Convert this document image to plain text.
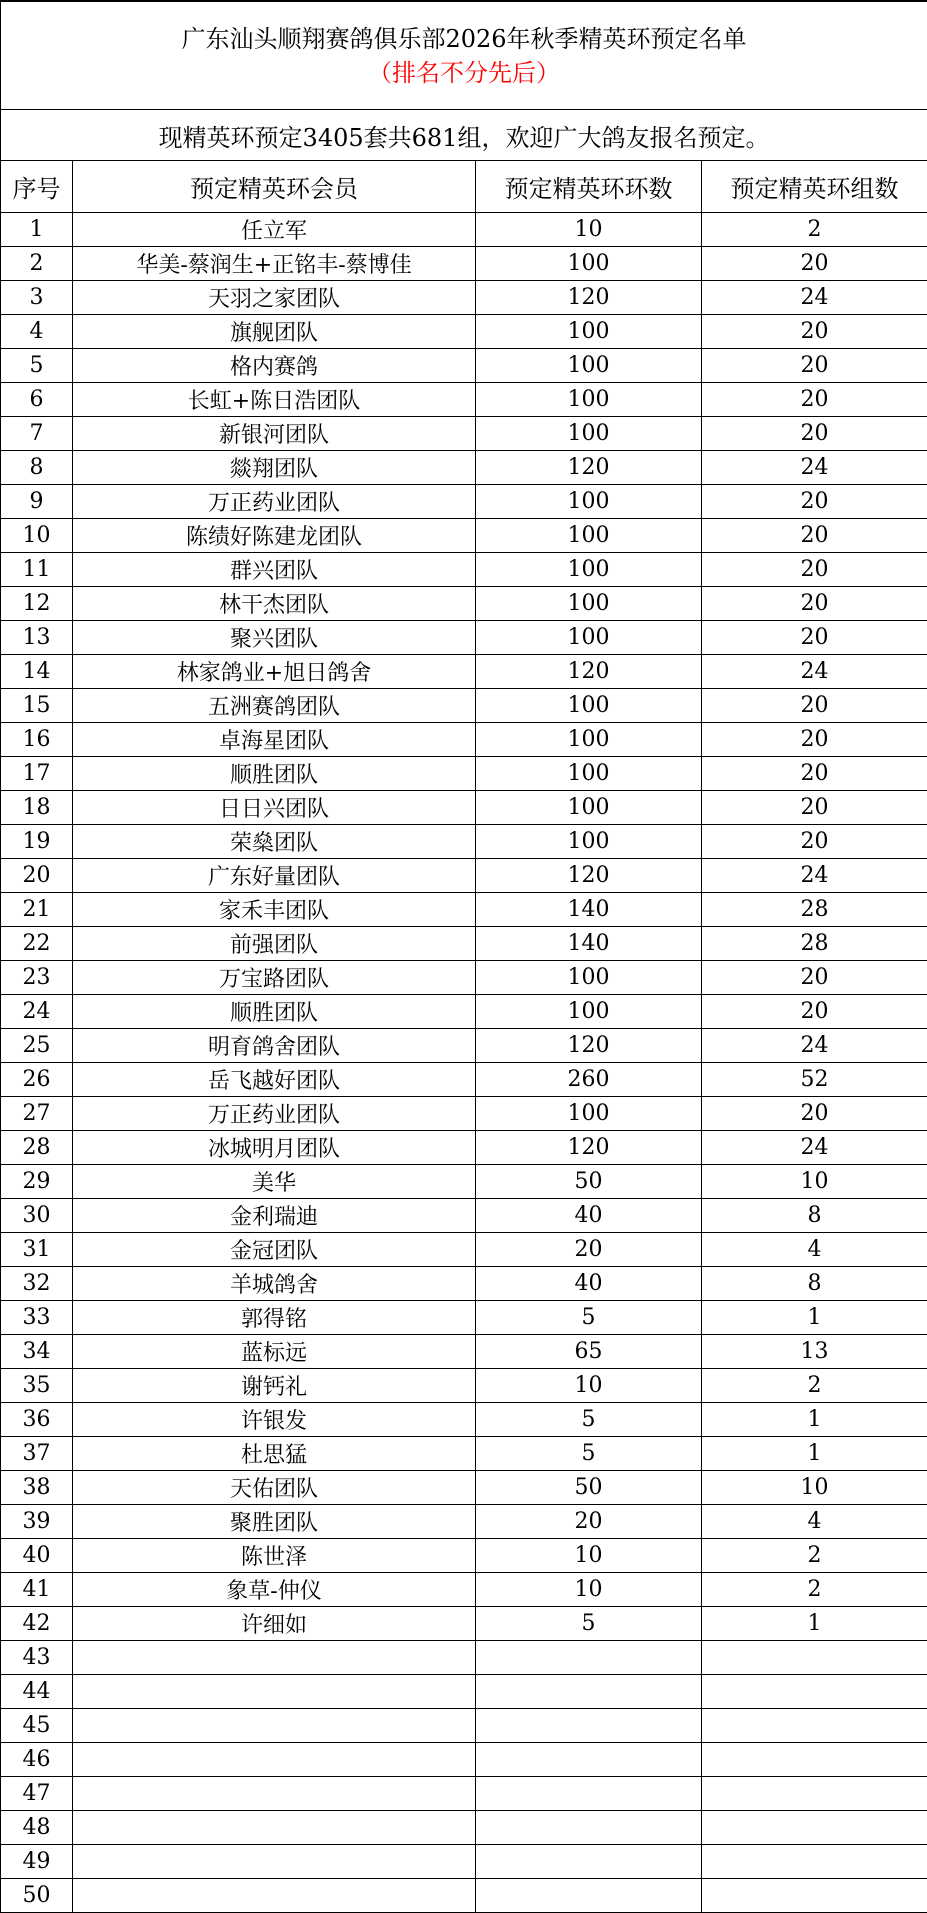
广东汕头顺翔赛鸽俱乐部2026年秋季精英环预定名单
（排名不分先后）			

现精英环预定3405套共681组，欢迎广大鸽友报名预定。			
序号	预定精英环会员	预定精英环环数	预定精英环组数
1	任立军	10	2
2	华美-蔡润生+正铭丰-蔡博佳	100	20
3	天羽之家团队	120	24
4	旗舰团队	100	20
5	格内赛鸽	100	20
6	长虹+陈日浩团队	100	20
7	新银河团队	100	20
8	燚翔团队	120	24
9	万正药业团队	100	20
10	陈绩好陈建龙团队	100	20
11	群兴团队	100	20
12	林干杰团队	100	20
13	聚兴团队	100	20
14	林家鸽业+旭日鸽舍	120	24
15	五洲赛鸽团队	100	20
16	卓海星团队	100	20
17	顺胜团队	100	20
18	日日兴团队	100	20
19	荣燊团队	100	20
20	广东好量团队	120	24
21	家禾丰团队	140	28
22	前强团队	140	28
23	万宝路团队	100	20
24	顺胜团队	100	20
25	明育鸽舍团队	120	24
26	岳飞越好团队	260	52
27	万正药业团队	100	20
28	冰城明月团队	120	24
29	美华	50	10
30	金利瑞迪	40	8
31	金冠团队	20	4
32	羊城鸽舍	40	8
33	郭得铭	5	1
34	蓝标远	65	13
35	谢钙礼	10	2
36	许银发	5	1
37	杜思猛	5	1
38	天佑团队	50	10
39	聚胜团队	20	4
40	陈世泽	10	2
41	象草-仲仪	10	2
42	许细如	5	1
43			
44			
45			
46			
47			
48			
49			
50			
